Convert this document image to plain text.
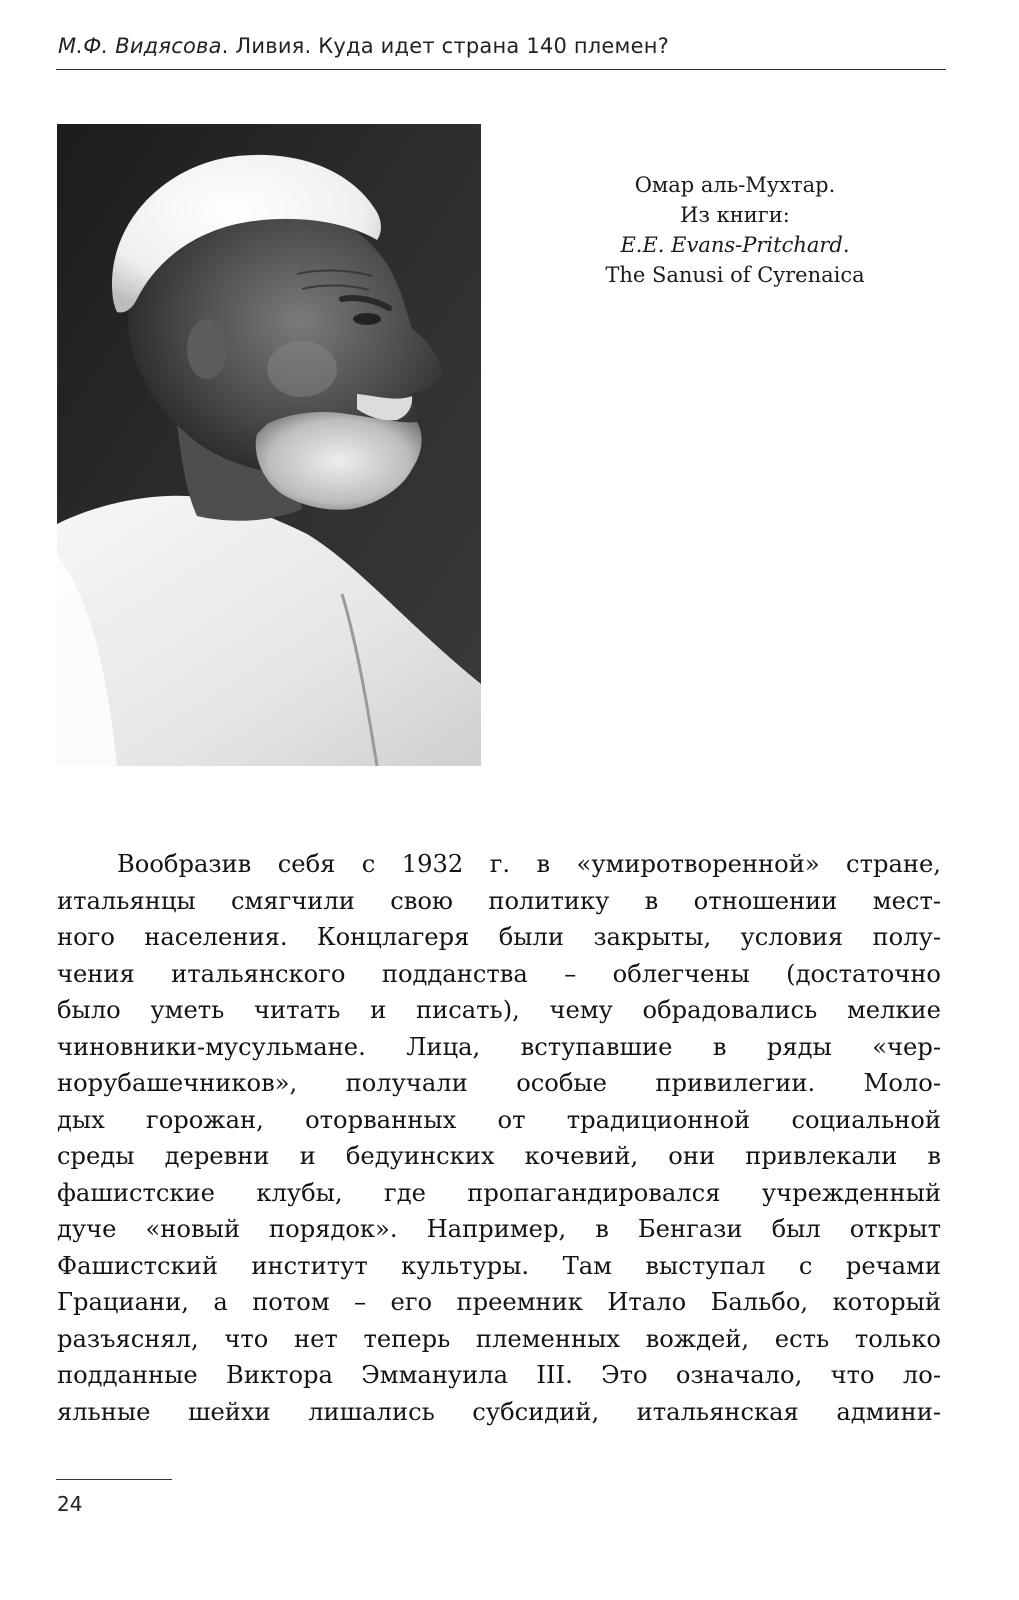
М.Ф. Видясова. Ливия. Куда идет страна 140 племен?
Омар аль-Мухтар.
Из книги:
E.E. Evans-Pritchard.
The Sanusi of Cyrenaica
Вообразив себя с 1932 г. в «умиротворенной» стране,
итальянцы смягчили свою политику в отношении мест-
ного населения. Концлагеря были закрыты, условия полу-
чения итальянского подданства – облегчены (достаточно
было уметь читать и писать), чему обрадовались мелкие
чиновники-мусульмане. Лица, вступавшие в ряды «чер-
норубашечников», получали особые привилегии. Моло-
дых горожан, оторванных от традиционной социальной
среды деревни и бедуинских кочевий, они привлекали в
фашистские клубы, где пропагандировался учрежденный
дуче «новый порядок». Например, в Бенгази был открыт
Фашистский институт культуры. Там выступал с речами
Грациани, а потом – его преемник Итало Бальбо, который
разъяснял, что нет теперь племенных вождей, есть только
подданные Виктора Эммануила III. Это означало, что ло-
яльные шейхи лишались субсидий, итальянская админи-
24
